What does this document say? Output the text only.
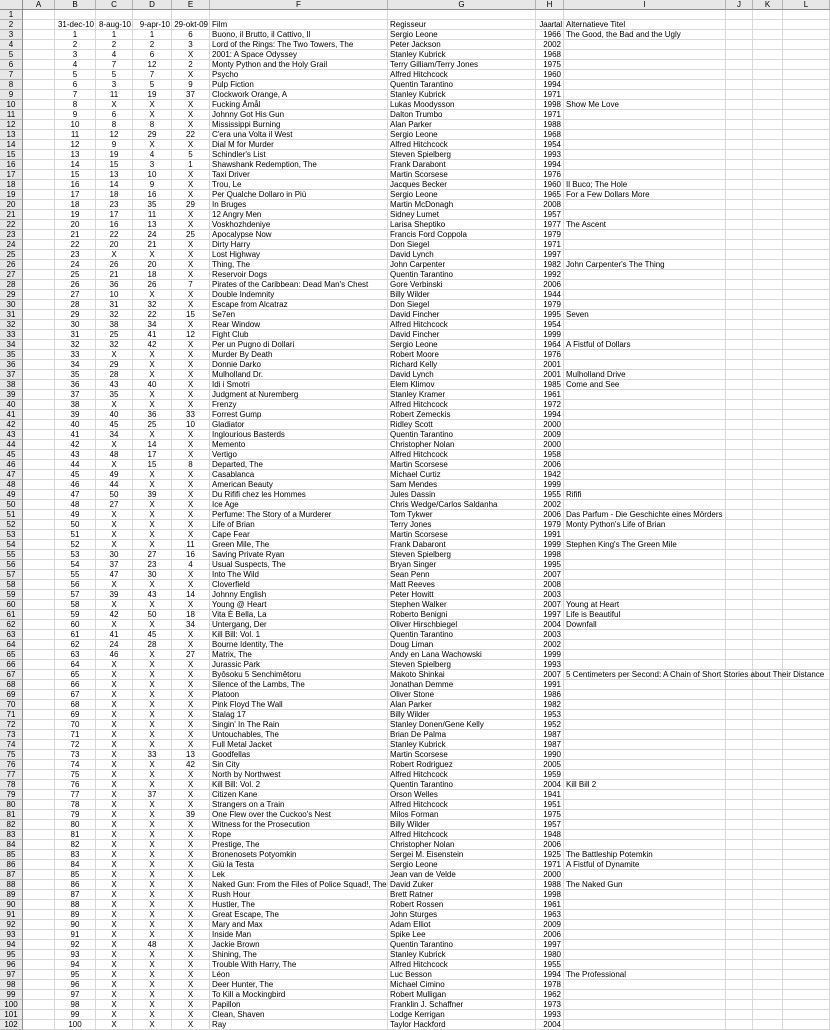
	A	B	C	D	E	F	G	H	I	J	K	L
1												
2		31-dec-10	8-aug-10	9-apr-10	29-okt-09	Film	Regisseur	Jaartal	Alternatieve Titel			
3		1	1	1	6	Buono, il Brutto, il Cattivo, Il	Sergio Leone	1966	The Good, the Bad and the Ugly			
4		2	2	2	3	Lord of the Rings: The Two Towers, The	Peter Jackson	2002				
5		3	4	6	X	2001: A Space Odyssey	Stanley Kubrick	1968				
6		4	7	12	2	Monty Python and the Holy Grail	Terry Gilliam/Terry Jones	1975				
7		5	5	7	X	Psycho	Alfred Hitchcock	1960				
8		6	3	5	9	Pulp Fiction	Quentin Tarantino	1994				
9		7	11	19	37	Clockwork Orange, A	Stanley Kubrick	1971				
10		8	X	X	X	Fucking Åmål	Lukas Moodysson	1998	Show Me Love			
11		9	6	X	X	Johnny Got His Gun	Dalton Trumbo	1971				
12		10	8	8	X	Mississippi Burning	Alan Parker	1988				
13		11	12	29	22	C'era una Volta il West	Sergio Leone	1968				
14		12	9	X	X	Dial M for Murder	Alfred Hitchcock	1954				
15		13	19	4	5	Schindler's List	Steven Spielberg	1993				
16		14	15	3	1	Shawshank Redemption, The	Frank Darabont	1994				
17		15	13	10	X	Taxi Driver	Martin Scorsese	1976				
18		16	14	9	X	Trou, Le	Jacques Becker	1960	Il Buco; The Hole			
19		17	18	16	X	Per Qualche Dollaro in Più	Sergio Leone	1965	For a Few Dollars More			
20		18	23	35	29	In Bruges	Martin McDonagh	2008				
21		19	17	11	X	12 Angry Men	Sidney Lumet	1957				
22		20	16	13	X	Voskhozhdeniye	Larisa Sheptiko	1977	The Ascent			
23		21	22	24	25	Apocalypse Now	Francis Ford Coppola	1979				
24		22	20	21	X	Dirty Harry	Don Siegel	1971				
25		23	X	X	X	Lost Highway	David Lynch	1997				
26		24	26	20	X	Thing, The	John Carpenter	1982	John Carpenter's The Thing			
27		25	21	18	X	Reservoir Dogs	Quentin Tarantino	1992				
28		26	36	26	7	Pirates of the Caribbean: Dead Man's Chest	Gore Verbinski	2006				
29		27	10	X	X	Double Indemnity	Billy Wilder	1944				
30		28	31	32	X	Escape from Alcatraz	Don Siegel	1979				
31		29	32	22	15	Se7en	David Fincher	1995	Seven			
32		30	38	34	X	Rear Window	Alfred Hitchcock	1954				
33		31	25	41	12	Fight Club	David Fincher	1999				
34		32	32	42	X	Per un Pugno di Dollari	Sergio Leone	1964	A Fistful of Dollars			
35		33	X	X	X	Murder By Death	Robert Moore	1976				
36		34	29	X	X	Donnie Darko	Richard Kelly	2001				
37		35	28	X	X	Mulholland Dr.	David Lynch	2001	Mulholland Drive			
38		36	43	40	X	Idi i Smotri	Elem Klimov	1985	Come and See			
39		37	35	X	X	Judgment at Nuremberg	Stanley Kramer	1961				
40		38	X	X	X	Frenzy	Alfred Hitchcock	1972				
41		39	40	36	33	Forrest Gump	Robert Zemeckis	1994				
42		40	45	25	10	Gladiator	Ridley Scott	2000				
43		41	34	X	X	Inglourious Basterds	Quentin Tarantino	2009				
44		42	X	14	X	Memento	Christopher Nolan	2000				
45		43	48	17	X	Vertigo	Alfred Hitchcock	1958				
46		44	X	15	8	Departed, The	Martin Scorsese	2006				
47		45	49	X	X	Casablanca	Michael Curtiz	1942				
48		46	44	X	X	American Beauty	Sam Mendes	1999				
49		47	50	39	X	Du Rififi chez les Hommes	Jules Dassin	1955	Rififi			
50		48	27	X	X	Ice Age	Chris Wedge/Carlos Saldanha	2002				
51		49	X	X	X	Perfume: The Story of a Murderer	Tom Tykwer	2006	Das Parfum - Die Geschichte eines Mörders			
52		50	X	X	X	Life of Brian	Terry Jones	1979	Monty Python's Life of Brian			
53		51	X	X	X	Cape Fear	Martin Scorsese	1991				
54		52	X	X	11	Green Mile, The	Frank Dabaront	1999	Stephen King's The Green Mile			
55		53	30	27	16	Saving Private Ryan	Steven Spielberg	1998				
56		54	37	23	4	Usual Suspects, The	Bryan Singer	1995				
57		55	47	30	X	Into The Wild	Sean Penn	2007				
58		56	X	X	X	Cloverfield	Matt Reeves	2008				
59		57	39	43	14	Johnny English	Peter Howitt	2003				
60		58	X	X	X	Young @ Heart	Stephen Walker	2007	Young at Heart			
61		59	42	50	18	Vita È Bella, La	Roberto Benigni	1997	Life is Beautiful			
62		60	X	X	34	Untergang, Der	Oliver Hirschbiegel	2004	Downfall			
63		61	41	45	X	Kill Bill: Vol. 1	Quentin Tarantino	2003				
64		62	24	28	X	Bourne Identity, The	Doug Liman	2002				
65		63	46	X	27	Matrix, The	Andy en Lana Wachowski	1999				
66		64	X	X	X	Jurassic Park	Steven Spielberg	1993				
67		65	X	X	X	Byôsoku 5 Senchimêtoru	Makoto Shinkai	2007	5 Centimeters per Second: A Chain of Short Stories about Their Distance			
68		66	X	X	X	Silence of the Lambs, The	Jonathan Demme	1991				
69		67	X	X	X	Platoon	Oliver Stone	1986				
70		68	X	X	X	Pink Floyd The Wall	Alan Parker	1982				
71		69	X	X	X	Stalag 17	Billy Wilder	1953				
72		70	X	X	X	Singin' In The Rain	Stanley Donen/Gene Kelly	1952				
73		71	X	X	X	Untouchables, The	Brian De Palma	1987				
74		72	X	X	X	Full Metal Jacket	Stanley Kubrick	1987				
75		73	X	33	13	Goodfellas	Martin Scorsese	1990				
76		74	X	X	42	Sin City	Robert Rodriguez	2005				
77		75	X	X	X	North by Northwest	Alfred Hitchcock	1959				
78		76	X	X	X	Kill Bill: Vol. 2	Quentin Tarantino	2004	Kill Bill 2			
79		77	X	37	X	Citizen Kane	Orson Welles	1941				
80		78	X	X	X	Strangers on a Train	Alfred Hitchcock	1951				
81		79	X	X	39	One Flew over the Cuckoo's Nest	Milos Forman	1975				
82		80	X	X	X	Witness for the Prosecution	Billy Wilder	1957				
83		81	X	X	X	Rope	Alfred Hitchcock	1948				
84		82	X	X	X	Prestige, The	Christopher Nolan	2006				
85		83	X	X	X	Bronenosets Potyomkin	Sergei M. Eisenstein	1925	The Battleship Potemkin			
86		84	X	X	X	Giù la Testa	Sergio Leone	1971	A Fistful of Dynamite			
87		85	X	X	X	Lek	Jean van de Velde	2000				
88		86	X	X	X	Naked Gun: From the Files of Police Squad!, The	David Zuker	1988	The Naked Gun			
89		87	X	X	X	Rush Hour	Brett Ratner	1998				
90		88	X	X	X	Hustler, The	Robert Rossen	1961				
91		89	X	X	X	Great Escape, The	John Sturges	1963				
92		90	X	X	X	Mary and Max	Adam Elliot	2009				
93		91	X	X	X	Inside Man	Spike Lee	2006				
94		92	X	48	X	Jackie Brown	Quentin Tarantino	1997				
95		93	X	X	X	Shining, The	Stanley Kubrick	1980				
96		94	X	X	X	Trouble With Harry, The	Alfred Hitchcock	1955				
97		95	X	X	X	Léon	Luc Besson	1994	The Professional			
98		96	X	X	X	Deer Hunter, The	Michael Cimino	1978				
99		97	X	X	X	To Kill a Mockingbird	Robert Mulligan	1962				
100		98	X	X	X	Papillon	Franklin J. Schaffner	1973				
101		99	X	X	X	Clean, Shaven	Lodge Kerrigan	1993				
102		100	X	X	X	Ray	Taylor Hackford	2004				
